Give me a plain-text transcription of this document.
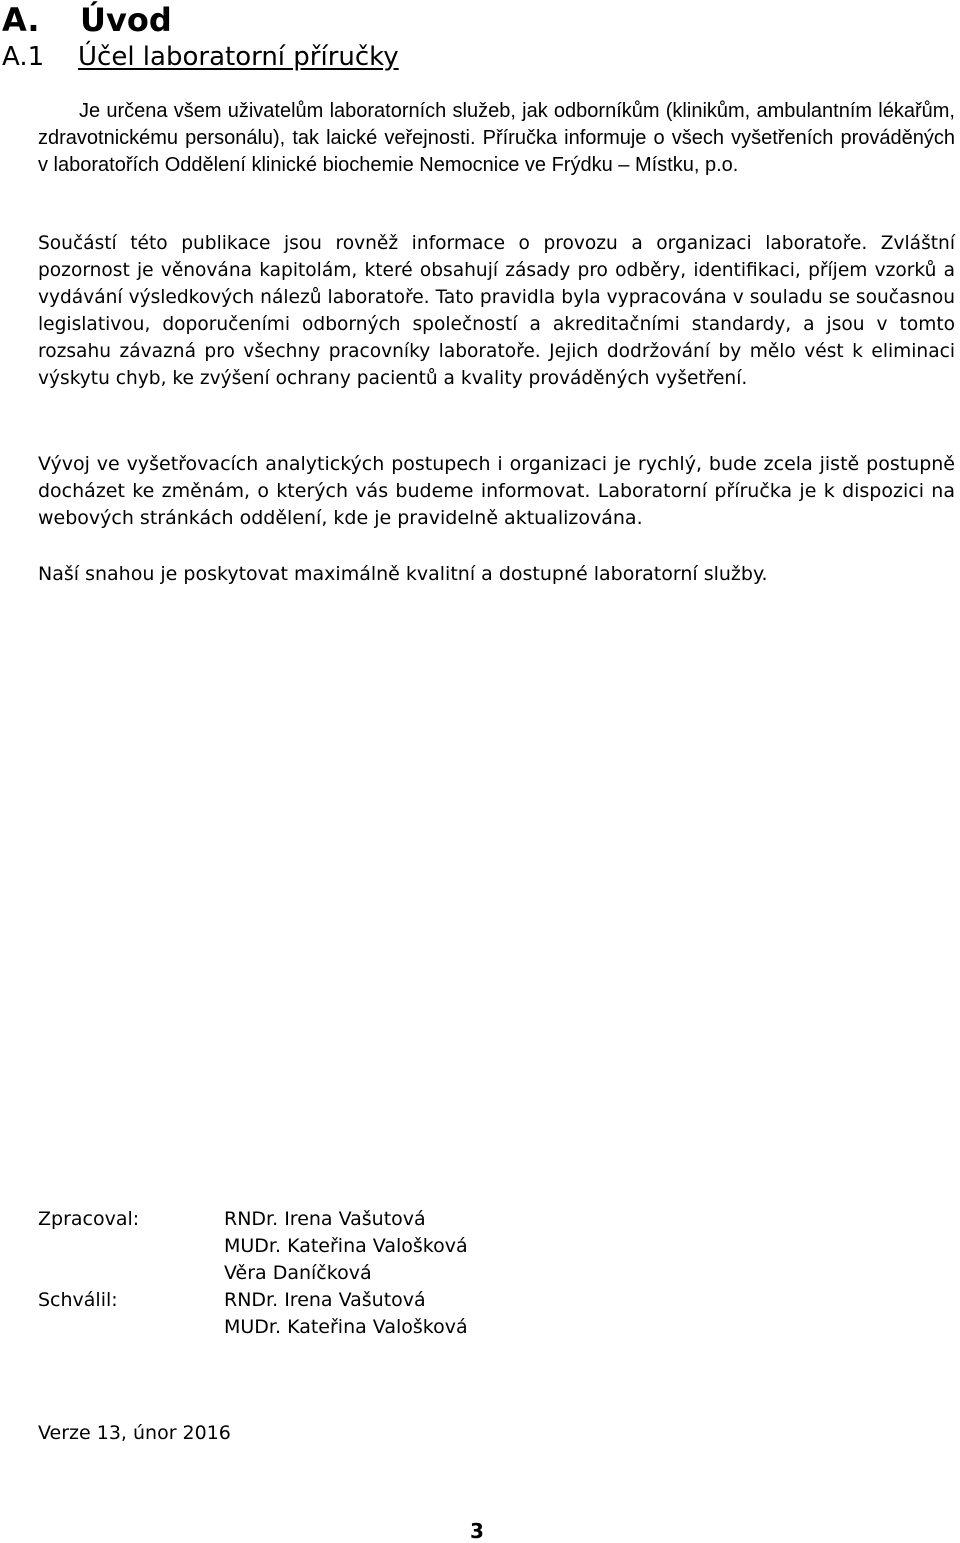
A. Úvod
A.1 Účel laboratorní příručky

Je určena všem uživatelům laboratorních služeb, jak odborníkům (klinikům, ambulantním lékařům, zdravotnickému personálu), tak laické veřejnosti. Příručka informuje o všech vyšetřeních prováděných v laboratořích Oddělení klinické biochemie Nemocnice ve Frýdku – Místku, p.o.

Součástí této publikace jsou rovněž informace o provozu a organizaci laboratoře. Zvláštní pozornost je věnována kapitolám, které obsahují zásady pro odběry, identifikaci, příjem vzorků a vydávání výsledkových nálezů laboratoře. Tato pravidla byla vypracována v souladu se současnou legislativou, doporučeními odborných společností a akreditačními standardy, a jsou v tomto rozsahu závazná pro všechny pracovníky laboratoře. Jejich dodržování by mělo vést k eliminaci výskytu chyb, ke zvýšení ochrany pacientů a kvality prováděných vyšetření.

Vývoj ve vyšetřovacích analytických postupech i organizaci je rychlý, bude zcela jistě postupně docházet ke změnám, o kterých vás budeme informovat. Laboratorní příručka je k dispozici na webových stránkách oddělení, kde je pravidelně aktualizována.

Naší snahou je poskytovat maximálně kvalitní a dostupné laboratorní služby.

Zpracoval:	RNDr. Irena Vašutová
MUDr. Kateřina Valošková
Věra Daníčková
Schválil:	RNDr. Irena Vašutová
MUDr. Kateřina Valošková
Verze 13, únor 2016
3
